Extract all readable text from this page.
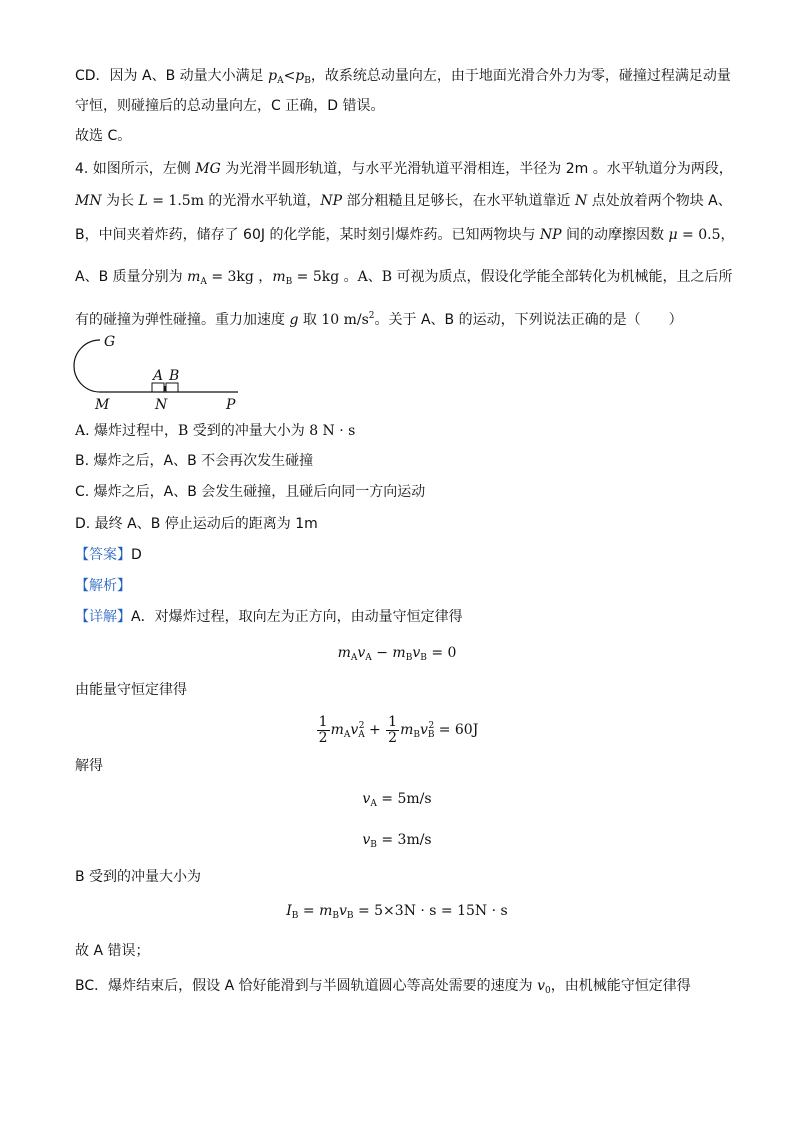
CD．因为 A、B 动量大小满足 $p_A<p_B$，故系统总动量向左，由于地面光滑合外力为零，碰撞过程满足动量
守恒，则碰撞后的总动量向左，C 正确，D 错误。
故选 C。
4. 如图所示，左侧 MG 为光滑半圆形轨道，与水平光滑轨道平滑相连，半径为 2m 。水平轨道分为两段，
MN 为长 L = 1.5m 的光滑水平轨道，NP 部分粗糙且足够长，在水平轨道靠近 N 点处放着两个物块 A、
B，中间夹着炸药，储存了 60J 的化学能，某时刻引爆炸药。已知两物块与 NP 间的动摩擦因数 μ = 0.5，
A、B 质量分别为 $m_A = 3kg$ ，$m_B = 5kg$ 。A、B 可视为质点，假设化学能全部转化为机械能，且之后所
有的碰撞为弹性碰撞。重力加速度 g 取 10 $m/s^2$。关于 A、B 的运动，下列说法正确的是（　　）
G
A B
M	N	P
A. 爆炸过程中，B 受到的冲量大小为 8 N · s
B. 爆炸之后，A、B 不会再次发生碰撞
C. 爆炸之后，A、B 会发生碰撞，且碰后向同一方向运动
D. 最终 A、B 停止运动后的距离为 1m
【答案】D
【解析】
【详解】A．对爆炸过程，取向左为正方向，由动量守恒定律得
$m_Av_A - m_Bv_B = 0$
由能量守恒定律得
$\frac{1}{2} m_Av_A^2 + \frac{1}{2} m_Bv_B^2 = 60J$
解得
$v_A = 5m/s$
$v_B = 3m/s$
B 受到的冲量大小为
$I_B = m_Bv_B = 5\times 3N \cdot s = 15N \cdot s$
故 A 错误；
BC．爆炸结束后，假设 A 恰好能滑到与半圆轨道圆心等高处需要的速度为 $v_0$，由机械能守恒定律得
